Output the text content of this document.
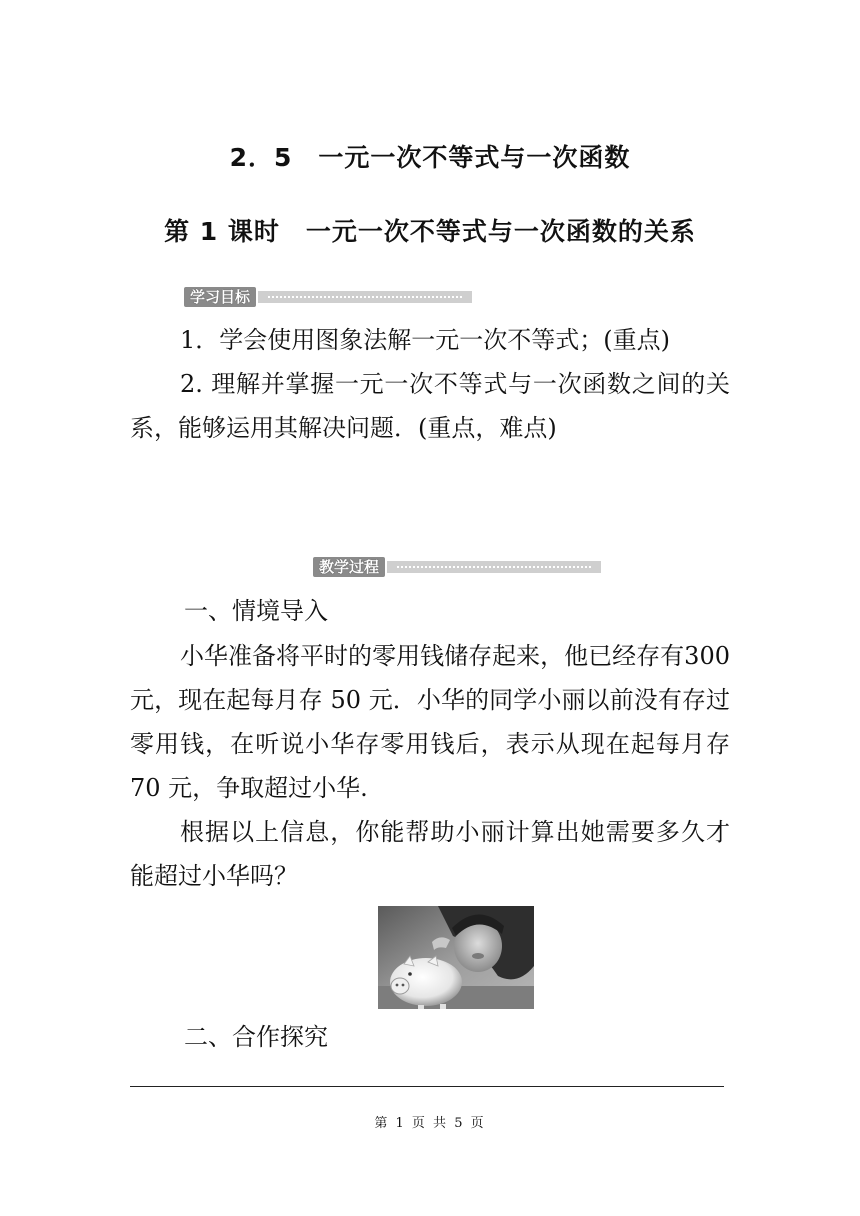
2．5　一元一次不等式与一次函数
第 1 课时　一元一次不等式与一次函数的关系
学习目标
1．学会使用图象法解一元一次不等式；(重点)
2. 理解并掌握一元一次不等式与一次函数之间的关系，能够运用其解决问题．(重点，难点)
教学过程
一、情境导入
小华准备将平时的零用钱储存起来，他已经存有300 元，现在起每月存 50 元．小华的同学小丽以前没有存过零用钱，在听说小华存零用钱后，表示从现在起每月存 70 元，争取超过小华.
根据以上信息，你能帮助小丽计算出她需要多久才能超过小华吗？
二、合作探究
第 1 页 共 5 页
